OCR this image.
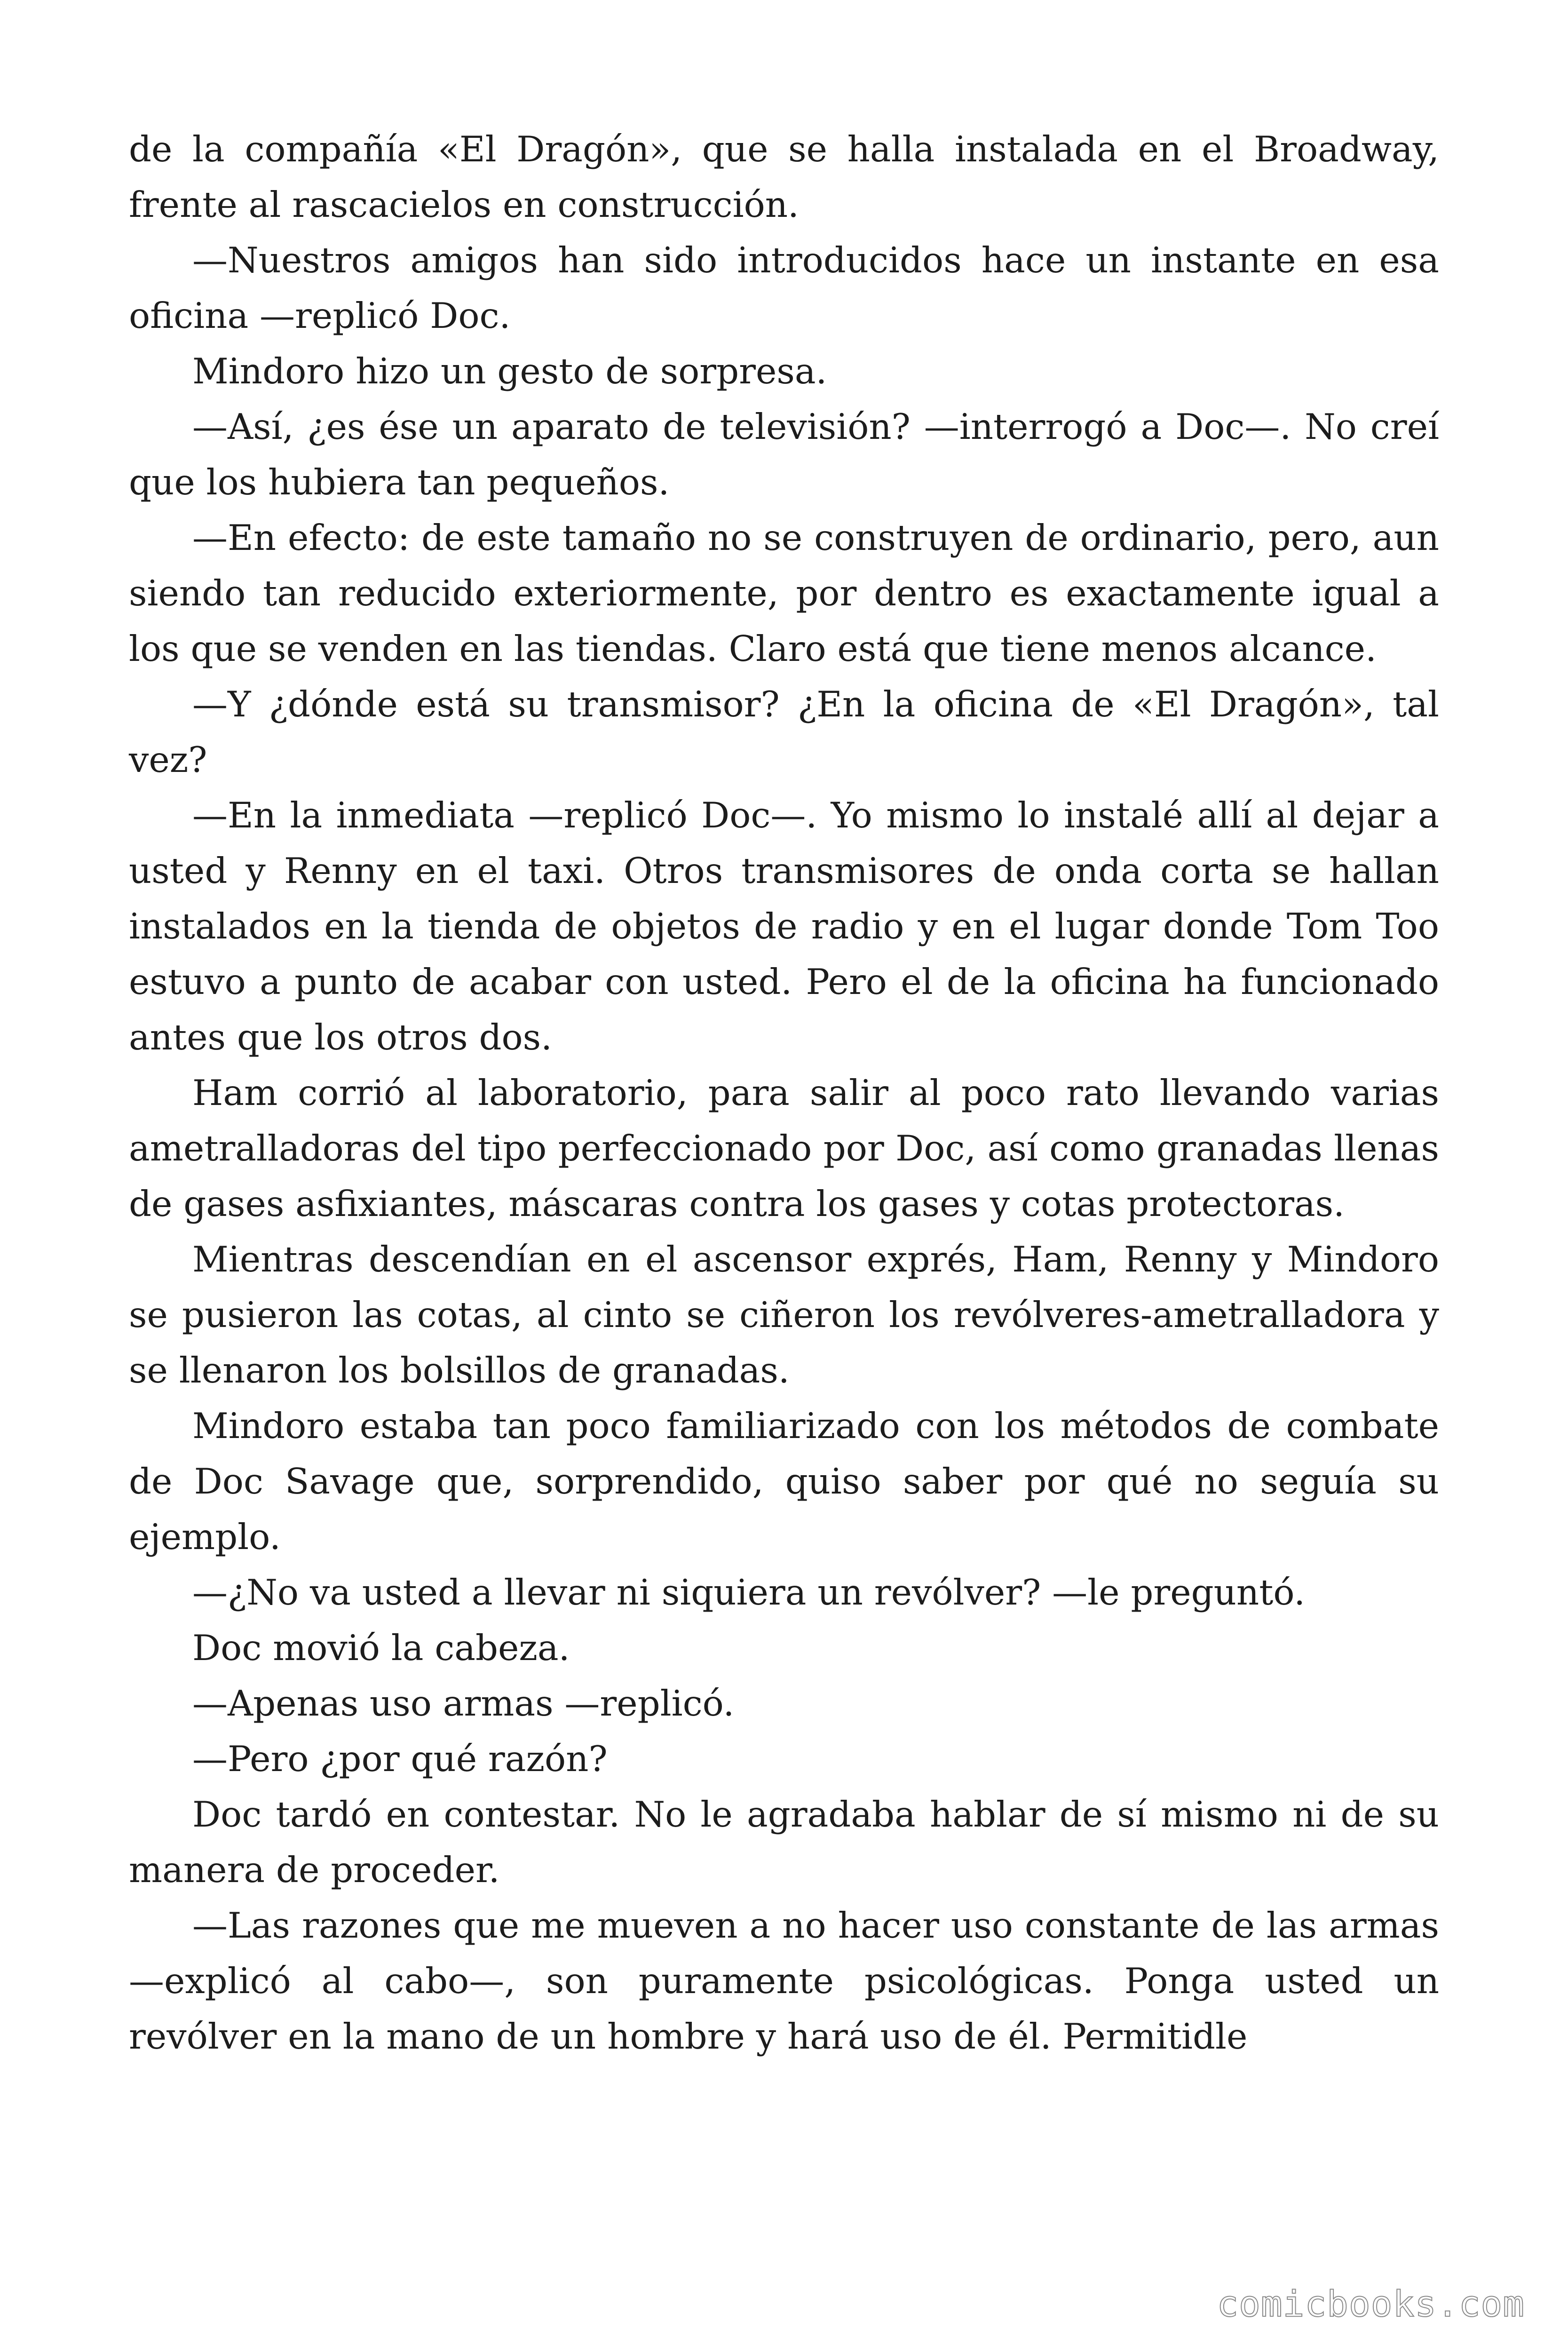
de la compañía «El Dragón», que se halla instalada en el Broadway, frente al rascacielos en construcción.

—Nuestros amigos han sido introducidos hace un instante en esa oficina —replicó Doc.

Mindoro hizo un gesto de sorpresa.

—Así, ¿es ése un aparato de televisión? —interrogó a Doc—. No creí que los hubiera tan pequeños.

—En efecto: de este tamaño no se construyen de ordinario, pero, aun siendo tan reducido exteriormente, por dentro es exactamente igual a los que se venden en las tiendas. Claro está que tiene menos alcance.

—Y ¿dónde está su transmisor? ¿En la oficina de «El Dragón», tal vez?

—En la inmediata —replicó Doc—. Yo mismo lo instalé allí al dejar a usted y Renny en el taxi. Otros transmisores de onda corta se hallan instalados en la tienda de objetos de radio y en el lugar donde Tom Too estuvo a punto de acabar con usted. Pero el de la oficina ha funcionado antes que los otros dos.

Ham corrió al laboratorio, para salir al poco rato llevando varias ametralladoras del tipo perfeccionado por Doc, así como granadas llenas de gases asfixiantes, máscaras contra los gases y cotas protectoras.

Mientras descendían en el ascensor exprés, Ham, Renny y Mindoro se pusieron las cotas, al cinto se ciñeron los revólveres-ametralladora y se llenaron los bolsillos de granadas.

Mindoro estaba tan poco familiarizado con los métodos de combate de Doc Savage que, sorprendido, quiso saber por qué no seguía su ejemplo.

—¿No va usted a llevar ni siquiera un revólver? —le preguntó.

Doc movió la cabeza.

—Apenas uso armas —replicó.

—Pero ¿por qué razón?

Doc tardó en contestar. No le agradaba hablar de sí mismo ni de su manera de proceder.

—Las razones que me mueven a no hacer uso constante de las armas —explicó al cabo—, son puramente psicológicas. Ponga usted un revólver en la mano de un hombre y hará uso de él. Permitidle

comicbooks.com
